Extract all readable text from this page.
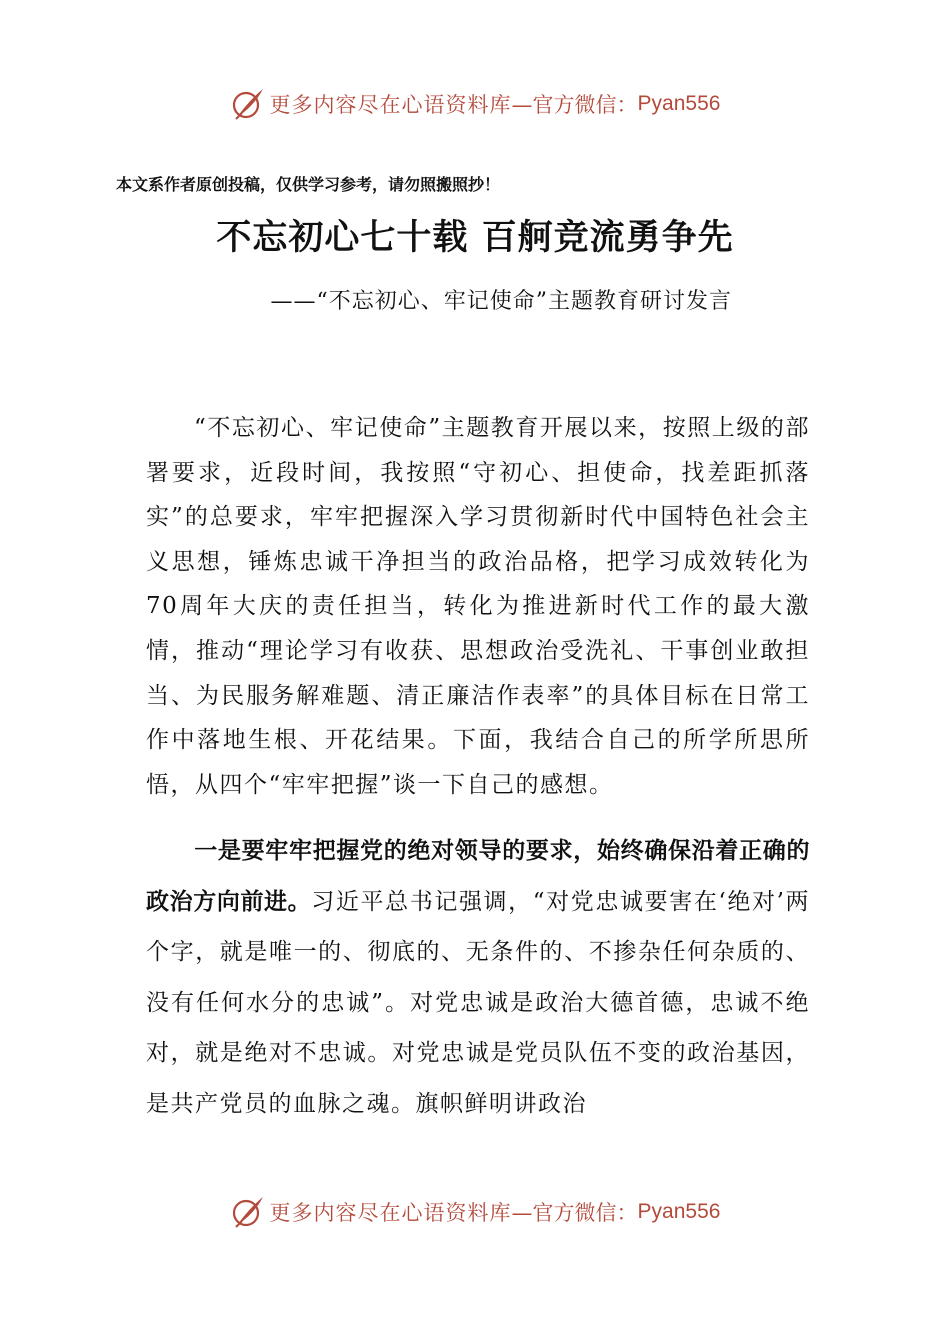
更多内容尽在心语资料库 —官方微信： Pyan556
本文系作者原创投稿，仅供学习参考，请勿照搬照抄！
不忘初心七十载 百舸竞流勇争先
——“不忘初心、牢记使命”主题教育研讨发言

“不忘初心、牢记使命”主题教育开展以来，按照上级的部署要求，近段时间，我按照“守初心、担使命，找差距抓落实”的总要求，牢牢把握深入学习贯彻新时代中国特色社会主义思想，锤炼忠诚干净担当的政治品格，把学习成效转化为70周年大庆的责任担当，转化为推进新时代工作的最大激情，推动“理论学习有收获、思想政治受洗礼、干事创业敢担当、为民服务解难题、清正廉洁作表率”的具体目标在日常工作中落地生根、开花结果。下面，我结合自己的所学所思所悟，从四个“牢牢把握”谈一下自己的感想。

一是要牢牢把握党的绝对领导的要求，始终确保沿着正确的政治方向前进。习近平总书记强调，“对党忠诚要害在‘绝对’两个字，就是唯一的、彻底的、无条件的、不掺杂任何杂质的、没有任何水分的忠诚”。对党忠诚是政治大德首德，忠诚不绝对，就是绝对不忠诚。对党忠诚是党员队伍不变的政治基因，是共产党员的血脉之魂。旗帜鲜明讲政治

更多内容尽在心语资料库 —官方微信： Pyan556
